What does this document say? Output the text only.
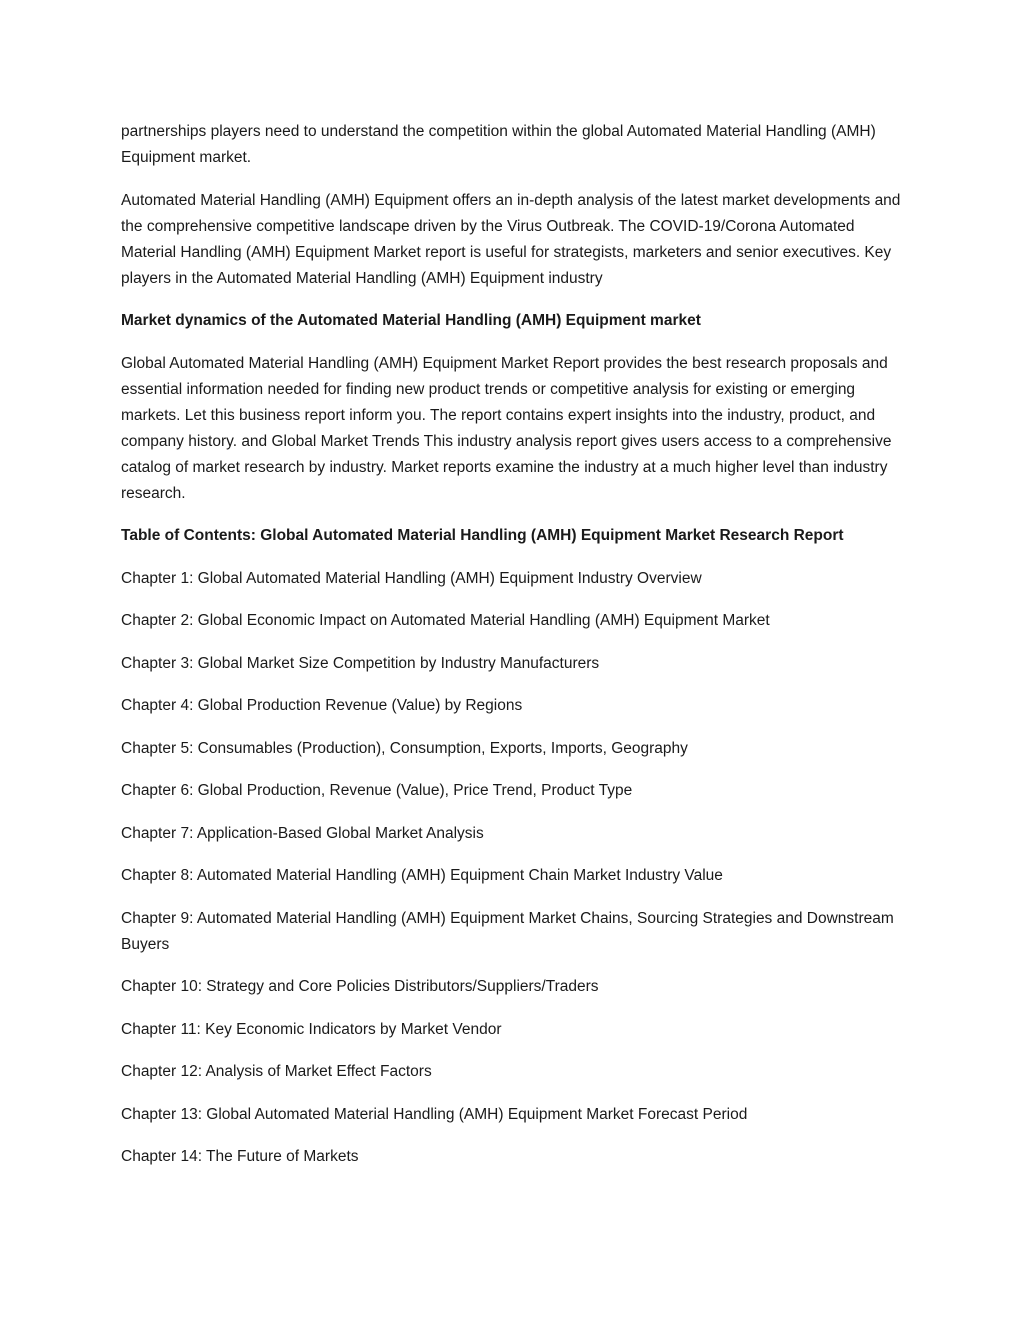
partnerships players need to understand the competition within the global Automated Material Handling (AMH) Equipment market.

Automated Material Handling (AMH) Equipment offers an in-depth analysis of the latest market developments and the comprehensive competitive landscape driven by the Virus Outbreak. The COVID-19/Corona Automated Material Handling (AMH) Equipment Market report is useful for strategists, marketers and senior executives. Key players in the Automated Material Handling (AMH) Equipment industry

Market dynamics of the Automated Material Handling (AMH) Equipment market

Global Automated Material Handling (AMH) Equipment Market Report provides the best research proposals and essential information needed for finding new product trends or competitive analysis for existing or emerging markets. Let this business report inform you. The report contains expert insights into the industry, product, and company history. and Global Market Trends This industry analysis report gives users access to a comprehensive catalog of market research by industry. Market reports examine the industry at a much higher level than industry research.

Table of Contents: Global Automated Material Handling (AMH) Equipment Market Research Report

Chapter 1: Global Automated Material Handling (AMH) Equipment Industry Overview
Chapter 2: Global Economic Impact on Automated Material Handling (AMH) Equipment Market
Chapter 3: Global Market Size Competition by Industry Manufacturers
Chapter 4: Global Production Revenue (Value) by Regions
Chapter 5: Consumables (Production), Consumption, Exports, Imports, Geography
Chapter 6: Global Production, Revenue (Value), Price Trend, Product Type
Chapter 7: Application-Based Global Market Analysis
Chapter 8: Automated Material Handling (AMH) Equipment Chain Market Industry Value
Chapter 9: Automated Material Handling (AMH) Equipment Market Chains, Sourcing Strategies and Downstream Buyers
Chapter 10: Strategy and Core Policies Distributors/Suppliers/Traders
Chapter 11: Key Economic Indicators by Market Vendor
Chapter 12: Analysis of Market Effect Factors
Chapter 13: Global Automated Material Handling (AMH) Equipment Market Forecast Period
Chapter 14: The Future of Markets
